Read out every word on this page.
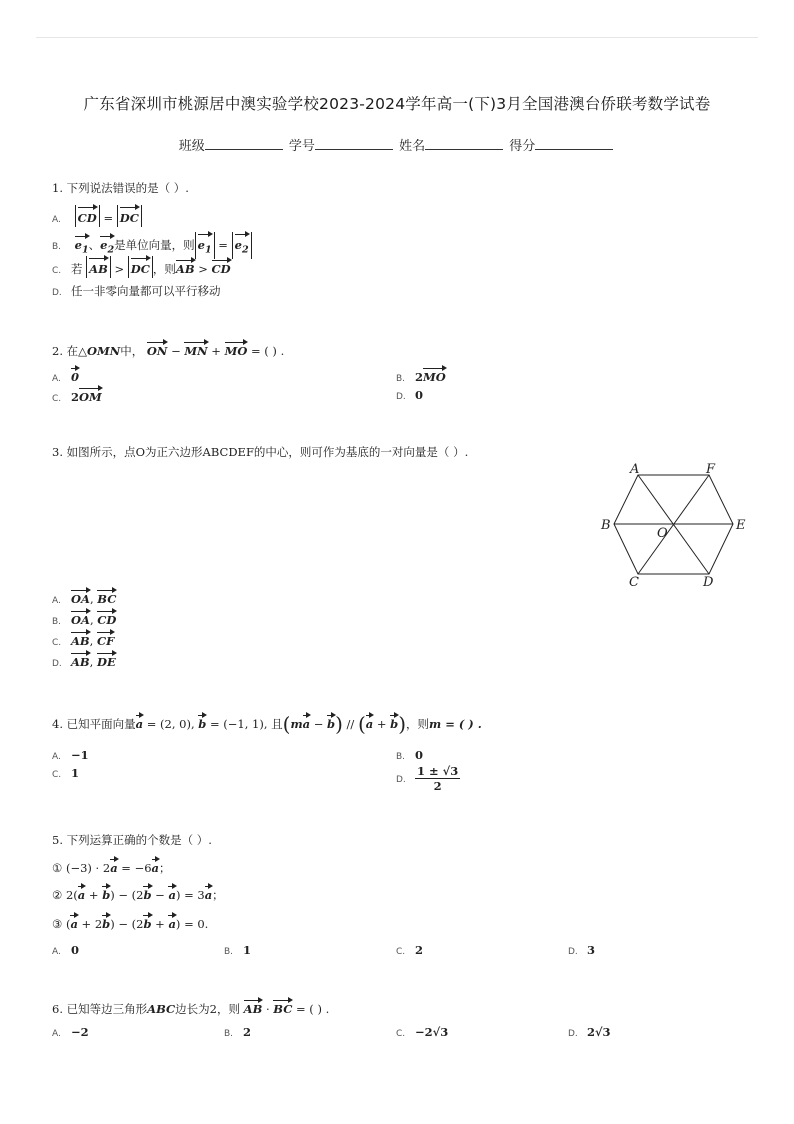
广东省深圳市桃源居中澳实验学校2023-2024学年高一(下)3月全国港澳台侨联考数学试卷
班级	学号	姓名	得分
1. 下列说法错误的是（ ）.
A. CD = DC
B. $e_1$、$e_2$是单位向量，则 $e_1 = e_2$
C. 若 AB > DC ，则AB > CD
D. 任一非零向量都可以平行移动
2. 在△OMN中， ON − MN + MO = ( ) .
A. 0	B. 2MO
C. 2OM	D. 0
3. 如图所示，点O为正六边形ABCDEF的中心，则可作为基底的一对向量是（ ）.
A	F
B	E
C	D
O
A. OA, BC
B. OA, CD
C. AB, CF
D. AB, DE
4. 已知平面向量a = (2, 0), b = (−1, 1), 且(ma − b) // (a + b)，则m = ( ) .
A. −1	B. 0
C. 1	D. $\frac{1 \pm √3}{2}$
5. 下列运算正确的个数是（ ）.
① (−3) · 2a = −6a；
② 2(a + b) − (2b − a) = 3a；
③ (a + 2b) − (2b + a) = 0.
A. 0	B. 1	C. 2	D. 3
6. 已知等边三角形ABC边长为2，则 AB · BC = ( ) .
A. −2	B. 2	C. −2√3	D. 2√3
